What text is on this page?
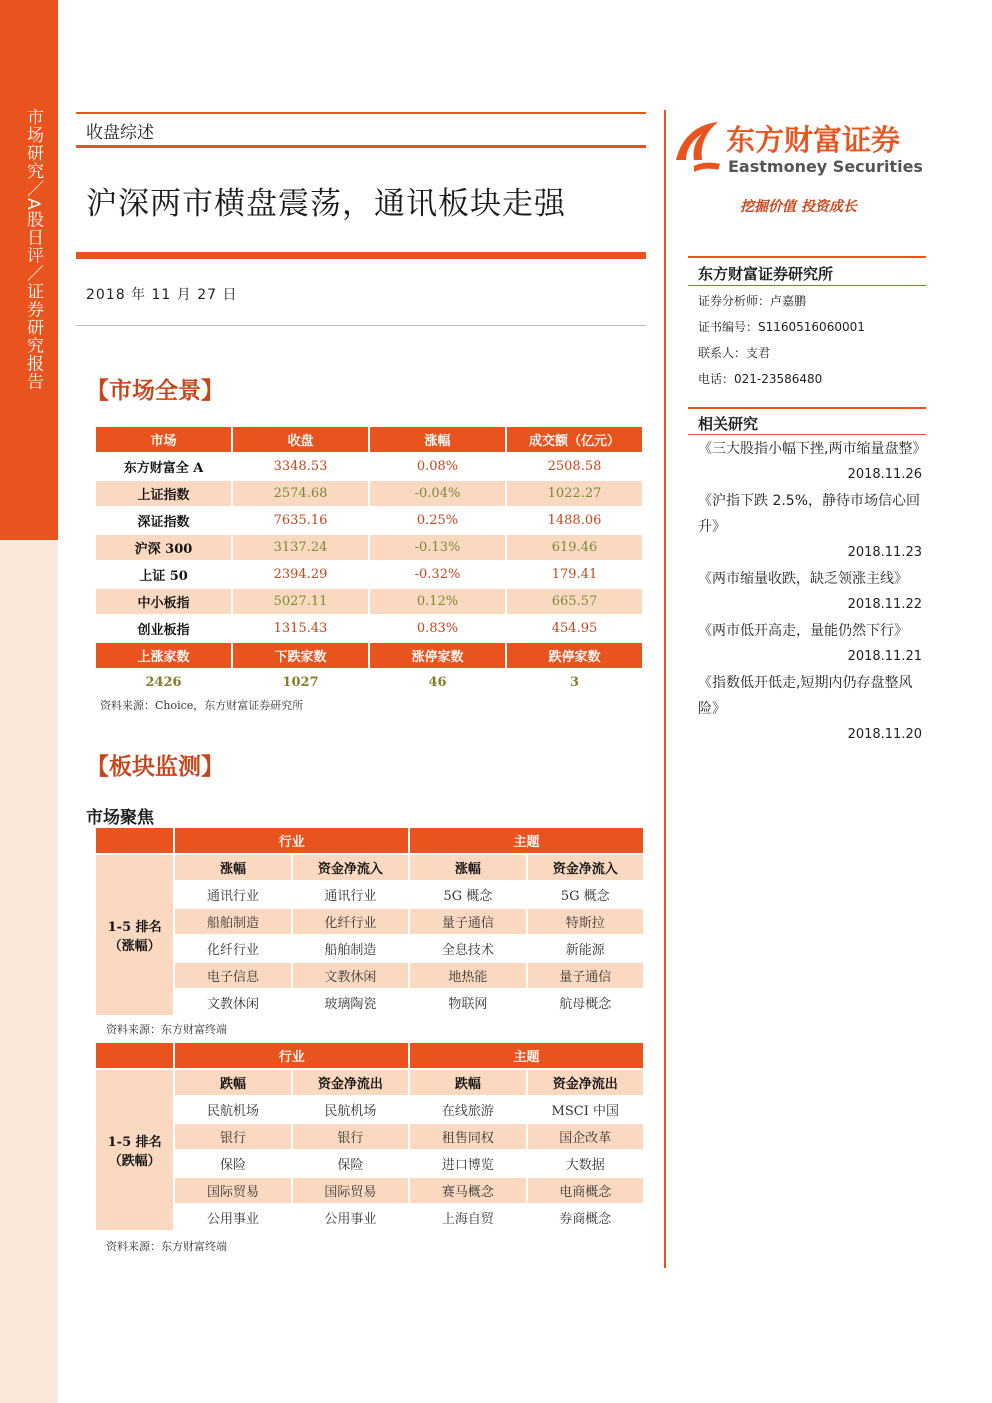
市场研究／A股日评／证券研究报告	收盘综述
沪深两市横盘震荡，通讯板块走强
2018 年 11 月 27 日
【市场全景】
市场	收盘	涨幅	成交额（亿元）
东方财富全 A	3348.53	0.08%	2508.58
上证指数	2574.68	-0.04%	1022.27
深证指数	7635.16	0.25%	1488.06
沪深 300	3137.24	-0.13%	619.46
上证 50	2394.29	-0.32%	179.41
中小板指	5027.11	0.12%	665.57
创业板指	1315.43	0.83%	454.95
上涨家数	下跌家数	涨停家数	跌停家数
2426	1027	46	3
资料来源：Choice，东方财富证券研究所
【板块监测】
市场聚焦
	行业		主题	

1-5 排名
（涨幅）	涨幅	资金净流入	涨幅	资金净流入
	通讯行业	通讯行业	5G 概念	5G 概念
	船舶制造	化纤行业	量子通信	特斯拉
	化纤行业	船舶制造	全息技术	新能源
	电子信息	文教休闲	地热能	量子通信
	文教休闲	玻璃陶瓷	物联网	航母概念
资料来源：东方财富终端
	行业		主题	

1-5 排名
（跌幅）	跌幅	资金净流出	跌幅	资金净流出
	民航机场	民航机场	在线旅游	MSCI 中国
	银行	银行	租售同权	国企改革
	保险	保险	进口博览	大数据
	国际贸易	国际贸易	赛马概念	电商概念
	公用事业	公用事业	上海自贸	券商概念
资料来源：东方财富终端
东方财富证券
Eastmoney Securities
挖掘价值 投资成长
东方财富证券研究所
证券分析师：卢嘉鹏
证书编号：S1160516060001
联系人：支君
电话：021-23586480
相关研究
《三大股指小幅下挫,两市缩量盘整》
2018.11.26
《沪指下跌 2.5%，静待市场信心回升》
2018.11.23
《两市缩量收跌，缺乏领涨主线》
2018.11.22
《两市低开高走，量能仍然下行》
2018.11.21
《指数低开低走,短期内仍存盘整风险》
2018.11.20
